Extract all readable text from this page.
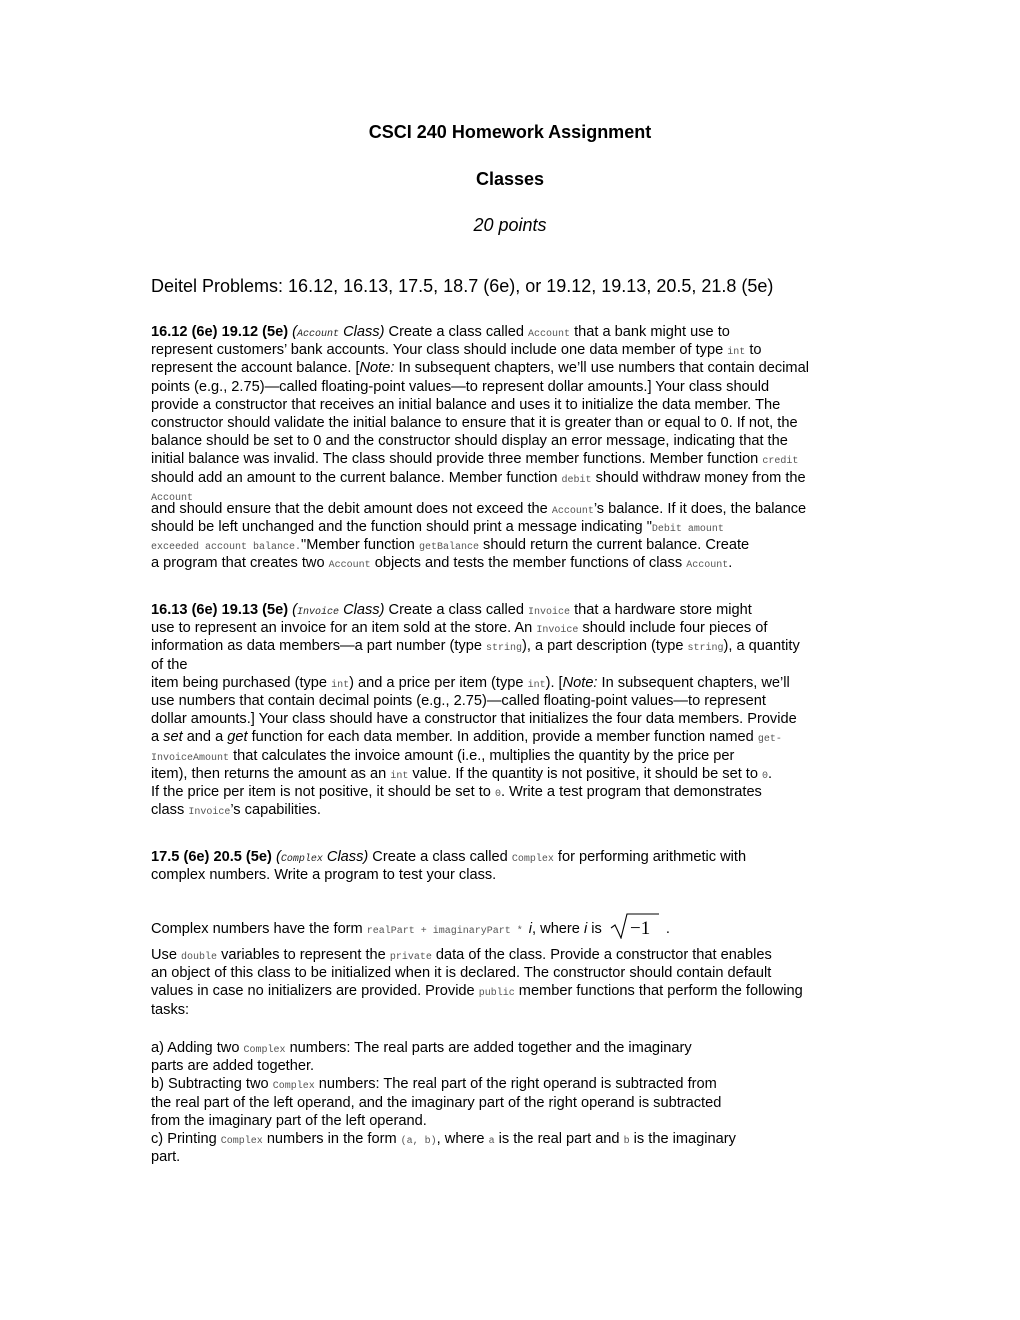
CSCI 240 Homework Assignment
Classes
20 points
Deitel Problems: 16.12, 16.13, 17.5, 18.7 (6e), or 19.12, 19.13, 20.5, 21.8 (5e)
16.12 (6e) 19.12 (5e) (Account Class) Create a class called Account that a bank might use to
represent customers’ bank accounts. Your class should include one data member of type int to
represent the account balance. [Note: In subsequent chapters, we’ll use numbers that contain decimal
points (e.g., 2.75)—called floating-point values—to represent dollar amounts.] Your class should
provide a constructor that receives an initial balance and uses it to initialize the data member. The
constructor should validate the initial balance to ensure that it is greater than or equal to 0. If not, the
balance should be set to 0 and the constructor should display an error message, indicating that the
initial balance was invalid. The class should provide three member functions. Member function credit
should add an amount to the current balance. Member function debit should withdraw money from the
Account
and should ensure that the debit amount does not exceed the Account’s balance. If it does, the balance
should be left unchanged and the function should print a message indicating "Debit amount
exceeded account balance."Member function getBalance should return the current balance. Create
a program that creates two Account objects and tests the member functions of class Account.
16.13 (6e) 19.13 (5e) (Invoice Class) Create a class called Invoice that a hardware store might
use to represent an invoice for an item sold at the store. An Invoice should include four pieces of
information as data members—a part number (type string), a part description (type string), a quantity
of the
item being purchased (type int) and a price per item (type int). [Note: In subsequent chapters, we’ll
use numbers that contain decimal points (e.g., 2.75)—called floating-point values—to represent
dollar amounts.] Your class should have a constructor that initializes the four data members. Provide
a set and a get function for each data member. In addition, provide a member function named get-
InvoiceAmount that calculates the invoice amount (i.e., multiplies the quantity by the price per
item), then returns the amount as an int value. If the quantity is not positive, it should be set to 0.
If the price per item is not positive, it should be set to 0. Write a test program that demonstrates
class Invoice’s capabilities.
17.5 (6e) 20.5 (5e) (Complex Class) Create a class called Complex for performing arithmetic with
complex numbers. Write a program to test your class.
Complex numbers have the form realPart + imaginaryPart * i, where i is −1 .
Use double variables to represent the private data of the class. Provide a constructor that enables
an object of this class to be initialized when it is declared. The constructor should contain default
values in case no initializers are provided. Provide public member functions that perform the following
tasks:
a) Adding two Complex numbers: The real parts are added together and the imaginary
parts are added together.
b) Subtracting two Complex numbers: The real part of the right operand is subtracted from
the real part of the left operand, and the imaginary part of the right operand is subtracted
from the imaginary part of the left operand.
c) Printing Complex numbers in the form (a, b), where a is the real part and b is the imaginary
part.
